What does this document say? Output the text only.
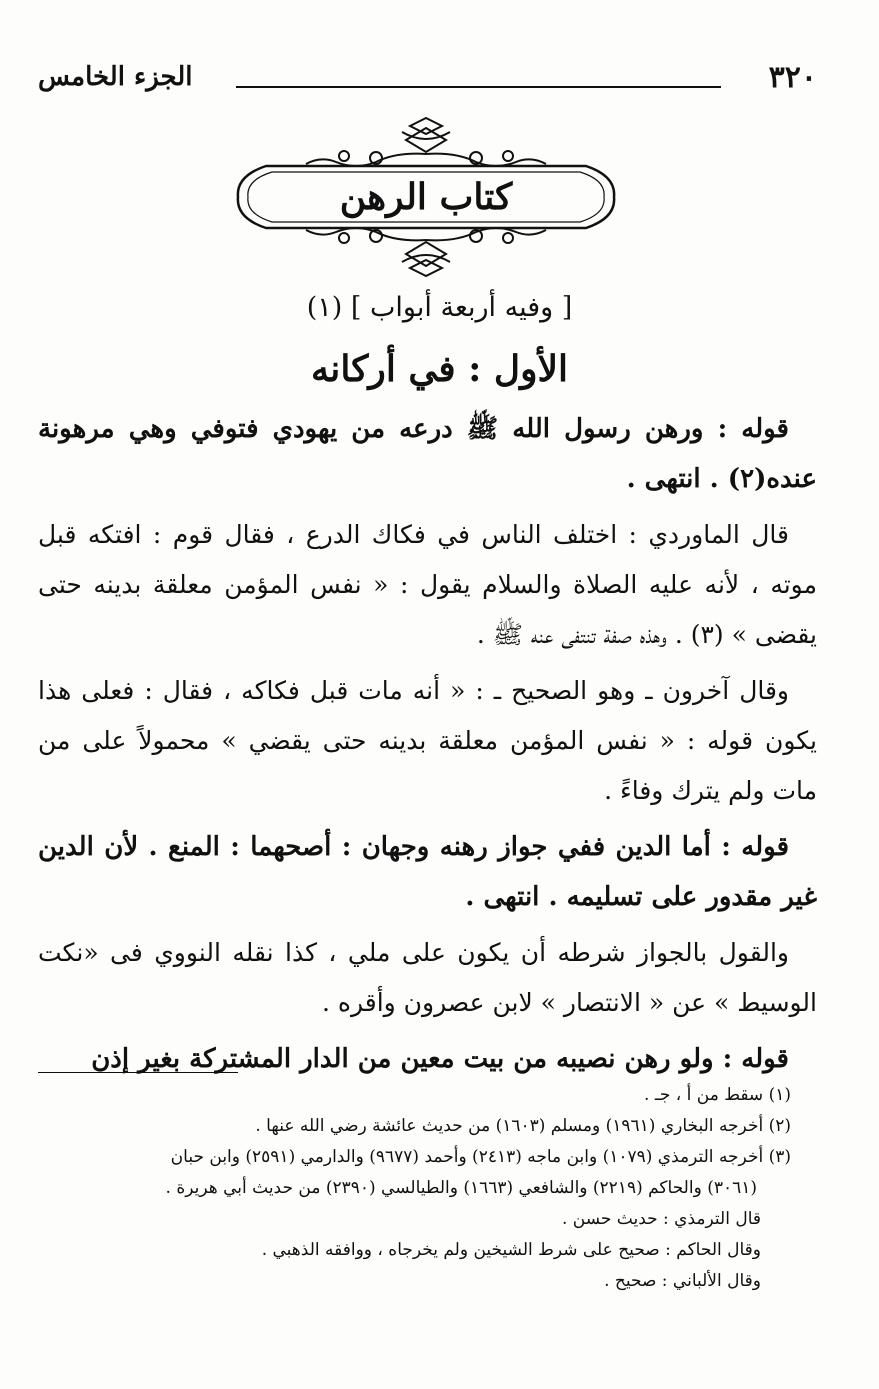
٣٢٠
الجزء الخامس
كتاب الرهن
[ وفيه أربعة أبواب ] (١)
الأول : في أركانه

قوله : ورهن رسول الله ﷺ درعه من يهودي فتوفي وهي مرهونة عنده(٢) . انتهى .

قال الماوردي : اختلف الناس في فكاك الدرع ، فقال قوم : افتكه قبل موته ، لأنه عليه الصلاة والسلام يقول : « نفس المؤمن معلقة بدينه حتى يقضى » (٣) . وهذه صفة تنتفى عنه ﷺ .

وقال آخرون ـ وهو الصحيح ـ : « أنه مات قبل فكاكه ، فقال : فعلى هذا يكون قوله : « نفس المؤمن معلقة بدينه حتى يقضي » محمولاً على من مات ولم يترك وفاءً .

قوله : أما الدين ففي جواز رهنه وجهان : أصحهما : المنع . لأن الدين غير مقدور على تسليمه . انتهى .

والقول بالجواز شرطه أن يكون على ملي ، كذا نقله النووي فى «نكت الوسيط » عن « الانتصار » لابن عصرون وأقره .

قوله : ولو رهن نصيبه من بيت معين من الدار المشتركة بغير إذن

(١) سقط من أ ، جـ .

(٢) أخرجه البخاري (١٩٦١) ومسلم (١٦٠٣) من حديث عائشة رضي الله عنها .

(٣) أخرجه الترمذي (١٠٧٩) وابن ماجه (٢٤١٣) وأحمد (٩٦٧٧) والدارمي (٢٥٩١) وابن حبان

(٣٠٦١) والحاكم (٢٢١٩) والشافعي (١٦٦٣) والطيالسي (٢٣٩٠) من حديث أبي هريرة .

قال الترمذي : حديث حسن .

وقال الحاكم : صحيح على شرط الشيخين ولم يخرجاه ، ووافقه الذهبي .

وقال الألباني : صحيح .
